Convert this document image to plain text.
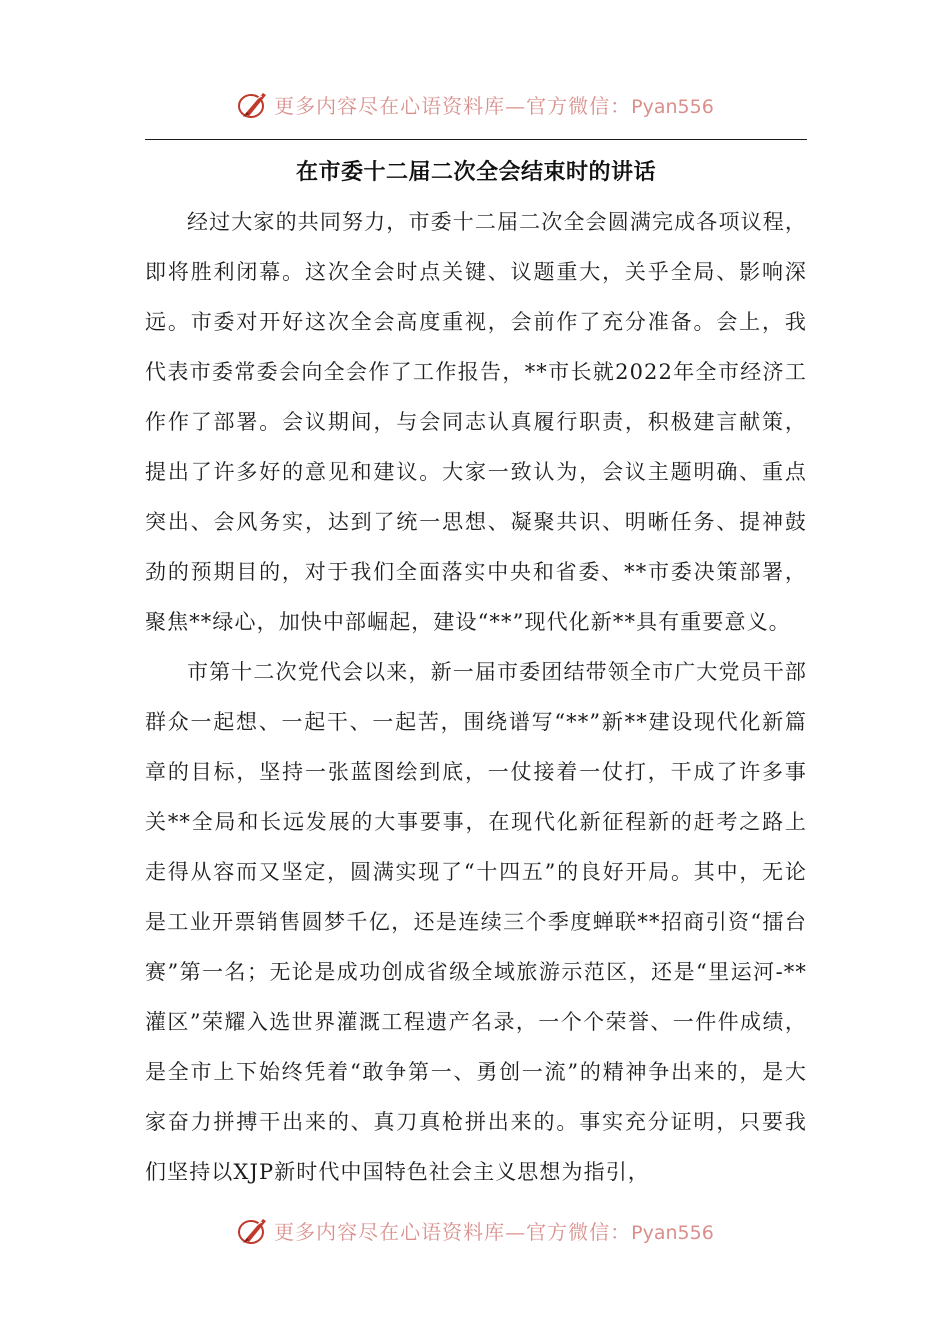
更多内容尽在心语资料库—官方微信：Pyan556
在市委十二届二次全会结束时的讲话

经过大家的共同努力，市委十二届二次全会圆满完成各项议程，即将胜利闭幕。这次全会时点关键、议题重大，关乎全局、影响深远。市委对开好这次全会高度重视，会前作了充分准备。会上，我代表市委常委会向全会作了工作报告，**市长就2022年全市经济工作作了部署。会议期间，与会同志认真履行职责，积极建言献策，提出了许多好的意见和建议。大家一致认为，会议主题明确、重点突出、会风务实，达到了统一思想、凝聚共识、明晰任务、提神鼓劲的预期目的，对于我们全面落实中央和省委、**市委决策部署，聚焦**绿心，加快中部崛起，建设“**”现代化新**具有重要意义。

市第十二次党代会以来，新一届市委团结带领全市广大党员干部群众一起想、一起干、一起苦，围绕谱写“**”新**建设现代化新篇章的目标，坚持一张蓝图绘到底，一仗接着一仗打，干成了许多事关**全局和长远发展的大事要事，在现代化新征程新的赶考之路上走得从容而又坚定，圆满实现了“十四五”的良好开局。其中，无论是工业开票销售圆梦千亿，还是连续三个季度蝉联**招商引资“擂台赛”第一名；无论是成功创成省级全域旅游示范区，还是“里运河-**灌区”荣耀入选世界灌溉工程遗产名录，一个个荣誉、一件件成绩，是全市上下始终凭着“敢争第一、勇创一流”的精神争出来的，是大家奋力拼搏干出来的、真刀真枪拼出来的。事实充分证明，只要我们坚持以XJP新时代中国特色社会主义思想为指引，

更多内容尽在心语资料库—官方微信：Pyan556
